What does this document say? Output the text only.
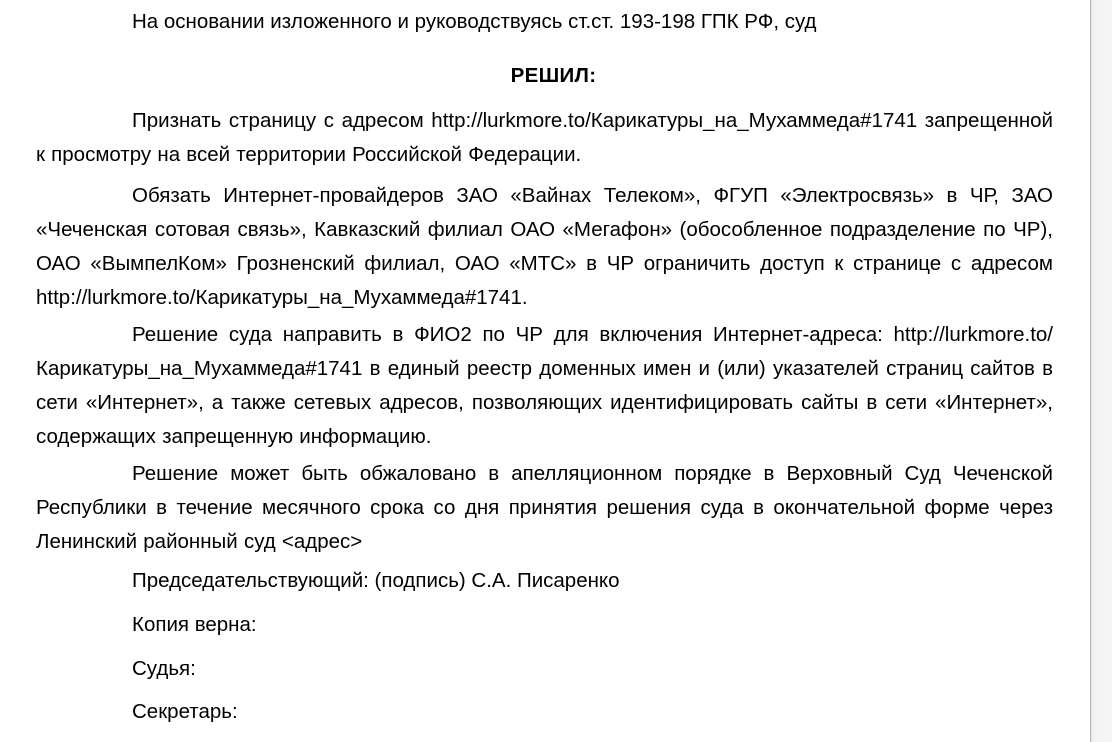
На основании изложенного и руководствуясь ст.ст. 193-198 ГПК РФ, суд
РЕШИЛ:
Признать страницу с адресом http://lurkmore.to/Карикатуры_на_Мухаммеда#1741 запрещенной к просмотру на всей территории Российской Федерации.
Обязать Интернет-провайдеров ЗАО «Вайнах Телеком», ФГУП «Электросвязь» в ЧР, ЗАО «Чеченская сотовая связь», Кавказский филиал ОАО «Мегафон» (обособленное подразделение по ЧР), ОАО «ВымпелКом» Грозненский филиал, ОАО «МТС» в ЧР ограничить доступ к странице с адресом http://lurkmore.to/Карикатуры_на_Мухаммеда#1741.
Решение суда направить в ФИО2 по ЧР для включения Интернет-адреса: http://lurkmore.to/Карикатуры_на_Мухаммеда#1741 в единый реестр доменных имен и (или) указателей страниц сайтов в сети «Интернет», а также сетевых адресов, позволяющих идентифицировать сайты в сети «Интернет», содержащих запрещенную информацию.
Решение может быть обжаловано в апелляционном порядке в Верховный Суд Чеченской Республики в течение месячного срока со дня принятия решения суда в окончательной форме через Ленинский районный суд <адрес>
Председательствующий: (подпись) С.А. Писаренко
Копия верна:
Судья:
Секретарь:
